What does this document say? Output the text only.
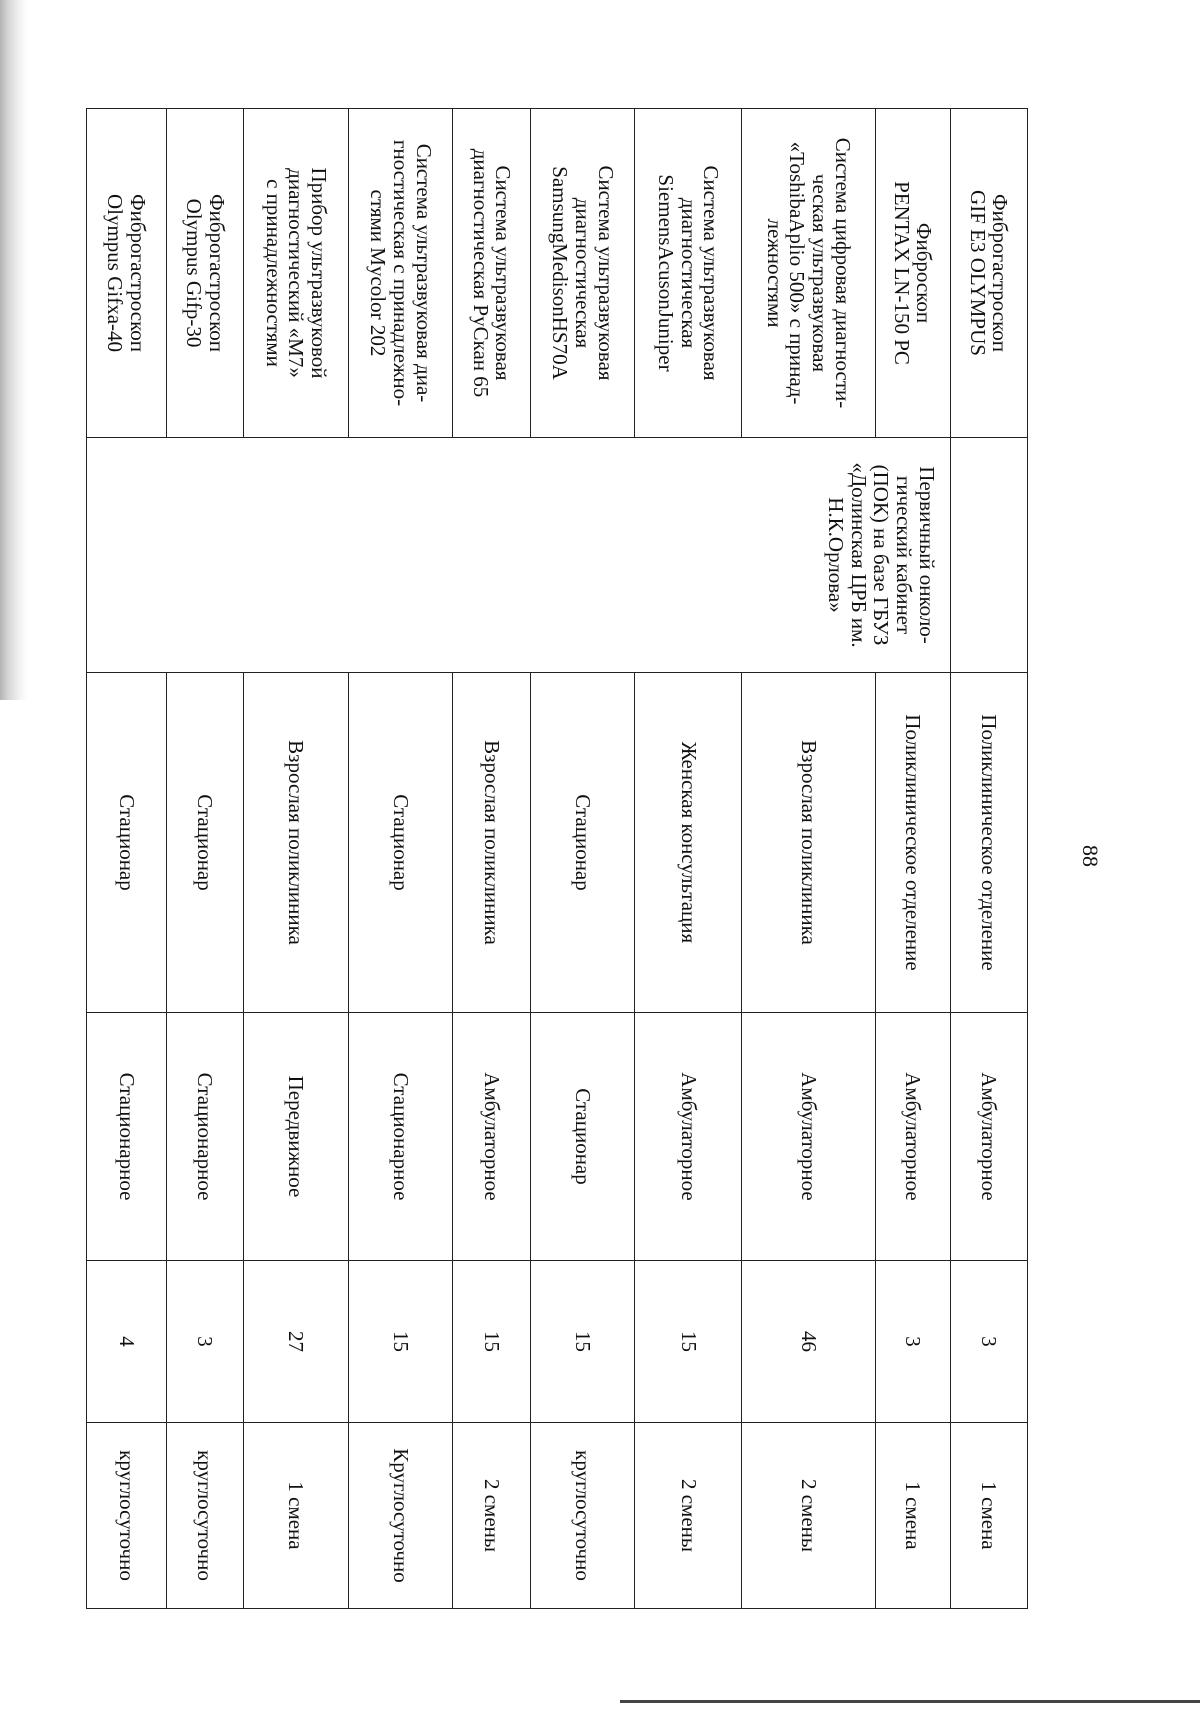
88
Фиброгастроскоп
GIF E3 OLYMPUS		Поликлиническое отделение	Амбулаторное	3	1 смена
Фиброскоп
PENTAX LN-150 PC	Первичный онколо-
гический кабинет
(ПОК) на базе ГБУЗ
«Долинская ЦРБ им.
Н.К.Орлова»	Поликлиническое отделение	Амбулаторное	3	1 смена
Система цифровая диагности-
ческая ультразвуковая
«ToshibaAplio 500» с принад-
лежностями		Взрослая поликлиника	Амбулаторное	46	2 смены
Система ультразвуковая
диагностическая
SiemensAcusonJuniper		Женская консультация	Амбулаторное	15	2 смены
Система ультразвуковая
диагностическая
SamsungMedisonHS70A		Стационар	Стационар	15	круглосуточно
Система ультразвуковая
диагностическая РуСкан 65		Взрослая поликлиника	Амбулаторное	15	2 смены
Система ультразвуковая диа-
гностическая с принадлежно-
стями Mycolor 202		Стационар	Стационарное	15	Круглосуточно
Прибор ультразвуковой
диагностический «М7»
с принадлежностями		Взрослая поликлиника	Передвижное	27	1 смена
Фиброгастроскоп
Olympus Gifp-30		Стационар	Стационарное	3	круглосуточно
Фиброгастроскоп
Olympus Gifxa-40		Стационар	Стационарное	4	круглосуточно
